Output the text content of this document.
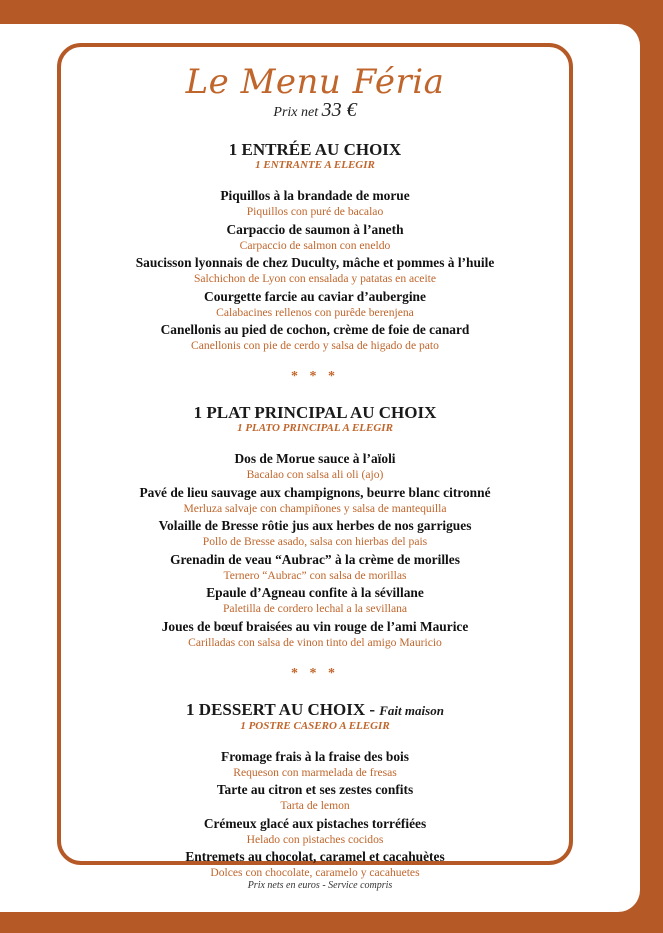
Le Menu Féria
Prix net 33 €
1 ENTRÉE AU CHOIX
1 ENTRANTE A ELEGIR
Piquillos à la brandade de morue
Piquillos con puré de bacalao
Carpaccio de saumon à l’aneth
Carpaccio de salmon con eneldo
Saucisson lyonnais de chez Duculty, mâche et pommes à l’huile
Salchichon de Lyon con ensalada y patatas en aceite
Courgette farcie au caviar d’aubergine
Calabacines rellenos con purêde berenjena
Canellonis au pied de cochon, crème de foie de canard
Canellonis con pie de cerdo y salsa de higado de pato
* * *
1 PLAT PRINCIPAL AU CHOIX
1 PLATO PRINCIPAL A ELEGIR
Dos de Morue sauce à l’aïoli
Bacalao con salsa ali oli (ajo)
Pavé de lieu sauvage aux champignons, beurre blanc citronné
Merluza salvaje con champiñones y salsa de mantequilla
Volaille de Bresse rôtie jus aux herbes de nos garrigues
Pollo de Bresse asado, salsa con hierbas del pais
Grenadin de veau “Aubrac” à la crème de morilles
Ternero “Aubrac” con salsa de morillas
Epaule d’Agneau confite à la sévillane
Paletilla de cordero lechal a la sevillana
Joues de bœuf braisées au vin rouge de l’ami Maurice
Carilladas con salsa de vinon tinto del amigo Mauricio
* * *
1 DESSERT AU CHOIX - Fait maison
1 POSTRE CASERO A ELEGIR
Fromage frais à la fraise des bois
Requeson con marmelada de fresas
Tarte au citron et ses zestes confits
Tarta de lemon
Crémeux glacé aux pistaches torréfiées
Helado con pistaches cocidos
Entremets au chocolat, caramel et cacahuètes
Dolces con chocolate, caramelo y cacahuetes
Prix nets en euros - Service compris
